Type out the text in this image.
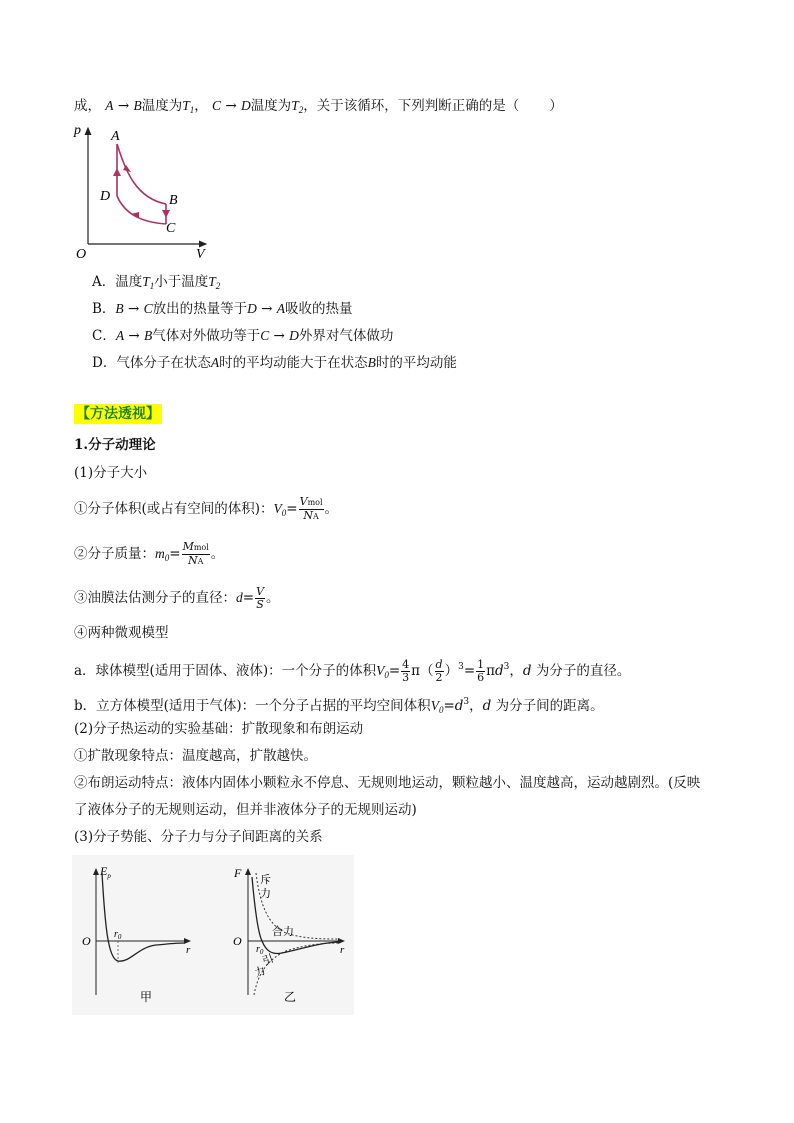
成， A → B温度为$T_1$， C → D温度为$T_2$，关于该循环，下列判断正确的是（ ）
p
V
O
A
B
C
D
A．温度$T_1$小于温度$T_2$
B．B → C放出的热量等于D → A吸收的热量
C．A → B气体对外做功等于C → D外界对气体做功
D．气体分子在状态A时的平均动能大于在状态B时的平均动能
【方法透视】
1.分子动理论
(1)分子大小
①分子体积(或占有空间的体积)：$V_0= \frac{\text{Vmol}}{NA}$ 。
②分子质量：$m_0= \frac{\text{Mmol}}{NA}$ 。
③油膜法估测分子的直径：$d= \frac{V}{S}$ 。
④两种微观模型
a．球体模型(适用于固体、液体)：一个分子的体积$V_0= \frac{4}{3} \pi( \frac{d}{2} )^3= \frac{1}{6} \pi d^3$，d 为分子的直径。
b．立方体模型(适用于气体)：一个分子占据的平均空间体积$V_0=d^3$，d 为分子间的距离。
(2)分子热运动的实验基础：扩散现象和布朗运动
①扩散现象特点：温度越高，扩散越快。
②布朗运动特点：液体内固体小颗粒永不停息、无规则地运动，颗粒越小、温度越高，运动越剧烈。(反映
了液体分子的无规则运动，但并非液体分子的无规则运动)
(3)分子势能、分子力与分子间距离的关系
$E_p$
O
r
$r_0$
甲
F
O
r
$r_0$
斥
力
合力
引
力
乙
